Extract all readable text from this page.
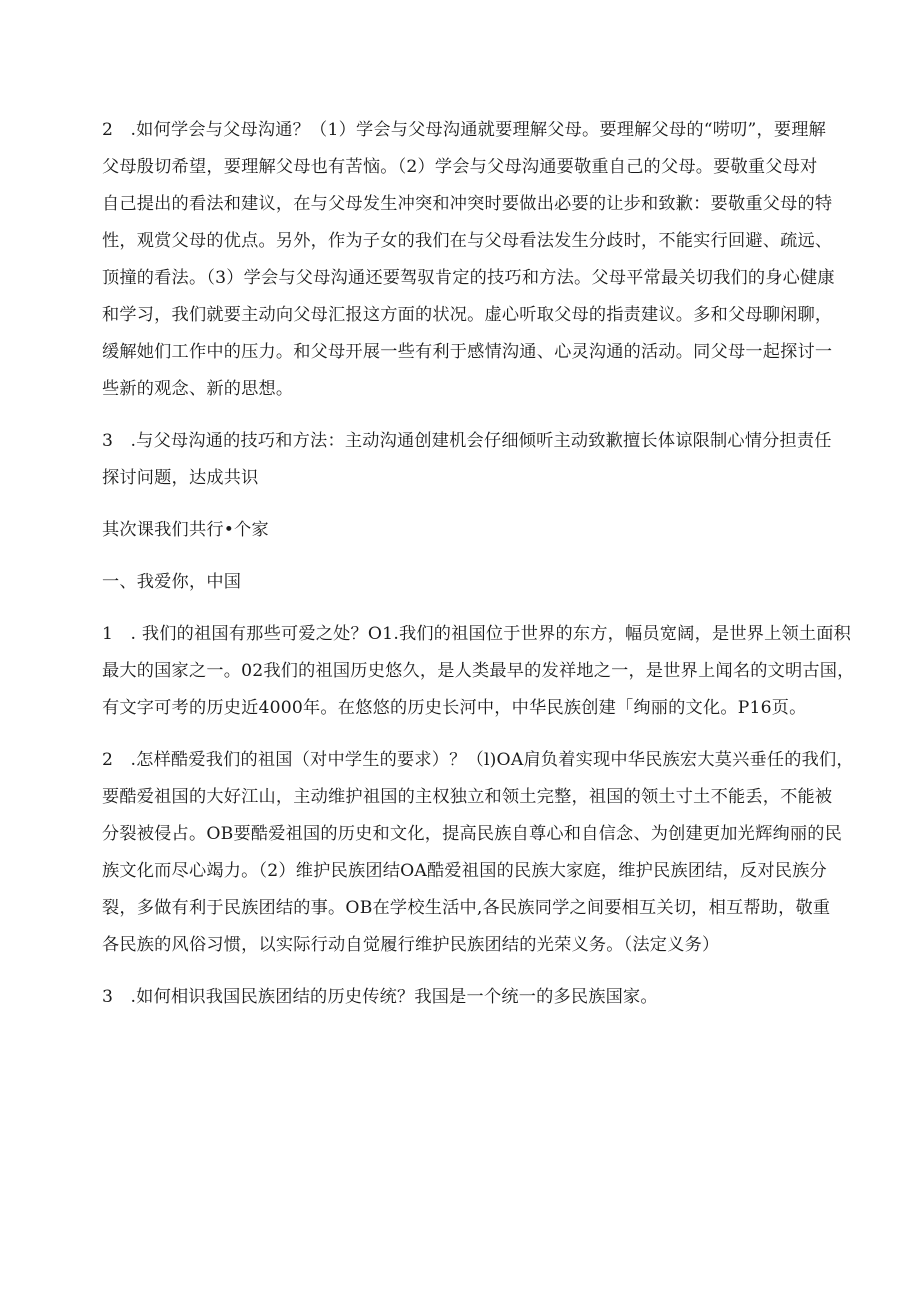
2　.如何学会与父母沟通？（1）学会与父母沟通就要理解父母。要理解父母的“唠叨”，要理解
父母殷切希望，要理解父母也有苦恼。（2）学会与父母沟通要敬重自己的父母。要敬重父母对
自己提出的看法和建议，在与父母发生冲突和冲突时要做出必要的让步和致歉：要敬重父母的特
性，观赏父母的优点。另外，作为子女的我们在与父母看法发生分歧时，不能实行回避、疏远、
顶撞的看法。（3）学会与父母沟通还要驾驭肯定的技巧和方法。父母平常最关切我们的身心健康
和学习，我们就要主动向父母汇报这方面的状况。虚心听取父母的指责建议。多和父母聊闲聊，
缓解她们工作中的压力。和父母开展一些有利于感情沟通、心灵沟通的活动。同父母一起探讨一
些新的观念、新的思想。

3　.与父母沟通的技巧和方法：主动沟通创建机会仔细倾听主动致歉擅长体谅限制心情分担责任
探讨问题，达成共识

其次课我们共行•个家

一、我爱你，中国

1　. 我们的祖国有那些可爱之处？O1.我们的祖国位于世界的东方，幅员宽阔，是世界上领土面积
最大的国家之一。02我们的祖国历史悠久，是人类最早的发祥地之一，是世界上闻名的文明古国，
有文字可考的历史近4000年。在悠悠的历史长河中，中华民族创建「绚丽的文化。P16页。

2　.怎样酷爱我们的祖国（对中学生的要求）？（l)OA肩负着实现中华民族宏大莫兴垂任的我们，
要酷爱祖国的大好江山，主动维护祖国的主权独立和领土完整，祖国的领土寸土不能丢，不能被
分裂被侵占。OB要酷爱祖国的历史和文化，提高民族自尊心和自信念、为创建更加光辉绚丽的民
族文化而尽心竭力。（2）维护民族团结OA酷爱祖国的民族大家庭，维护民族团结，反对民族分
裂，多做有利于民族团结的事。OB在学校生活中,各民族同学之间要相互关切，相互帮助，敬重
各民族的风俗习惯，以实际行动自觉履行维护民族团结的光荣义务。（法定义务）

3　.如何相识我国民族团结的历史传统？我国是一个统一的多民族国家。
